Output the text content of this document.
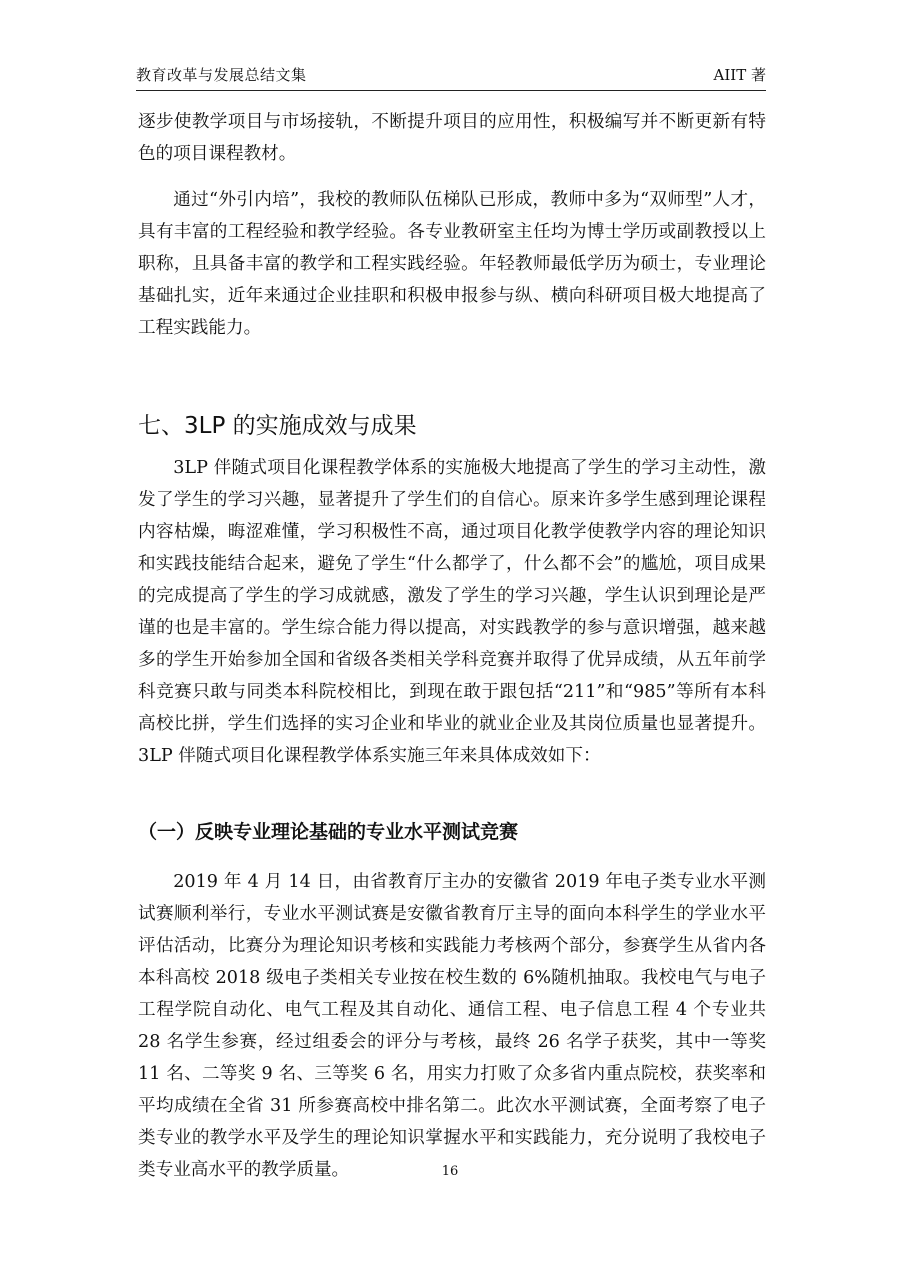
教育改革与发展总结文集	AIIT 著

逐步使教学项目与市场接轨，不断提升项目的应用性，积极编写并不断更新有特色的项目课程教材。

通过“外引内培”，我校的教师队伍梯队已形成，教师中多为“双师型”人才，具有丰富的工程经验和教学经验。各专业教研室主任均为博士学历或副教授以上职称，且具备丰富的教学和工程实践经验。年轻教师最低学历为硕士，专业理论基础扎实，近年来通过企业挂职和积极申报参与纵、横向科研项目极大地提高了工程实践能力。

七、3LP 的实施成效与成果

3LP 伴随式项目化课程教学体系的实施极大地提高了学生的学习主动性，激发了学生的学习兴趣，显著提升了学生们的自信心。原来许多学生感到理论课程内容枯燥，晦涩难懂，学习积极性不高，通过项目化教学使教学内容的理论知识和实践技能结合起来，避免了学生“什么都学了，什么都不会”的尴尬，项目成果的完成提高了学生的学习成就感，激发了学生的学习兴趣，学生认识到理论是严谨的也是丰富的。学生综合能力得以提高，对实践教学的参与意识增强，越来越多的学生开始参加全国和省级各类相关学科竞赛并取得了优异成绩，从五年前学科竞赛只敢与同类本科院校相比，到现在敢于跟包括“211”和“985”等所有本科高校比拼，学生们选择的实习企业和毕业的就业企业及其岗位质量也显著提升。3LP 伴随式项目化课程教学体系实施三年来具体成效如下：

（一）反映专业理论基础的专业水平测试竞赛

2019 年 4 月 14 日，由省教育厅主办的安徽省 2019 年电子类专业水平测试赛顺利举行，专业水平测试赛是安徽省教育厅主导的面向本科学生的学业水平评估活动，比赛分为理论知识考核和实践能力考核两个部分，参赛学生从省内各本科高校 2018 级电子类相关专业按在校生数的 6%随机抽取。我校电气与电子工程学院自动化、电气工程及其自动化、通信工程、电子信息工程 4 个专业共 28 名学生参赛，经过组委会的评分与考核，最终 26 名学子获奖，其中一等奖 11 名、二等奖 9 名、三等奖 6 名，用实力打败了众多省内重点院校，获奖率和平均成绩在全省 31 所参赛高校中排名第二。此次水平测试赛，全面考察了电子类专业的教学水平及学生的理论知识掌握水平和实践能力，充分说明了我校电子类专业高水平的教学质量。	16
